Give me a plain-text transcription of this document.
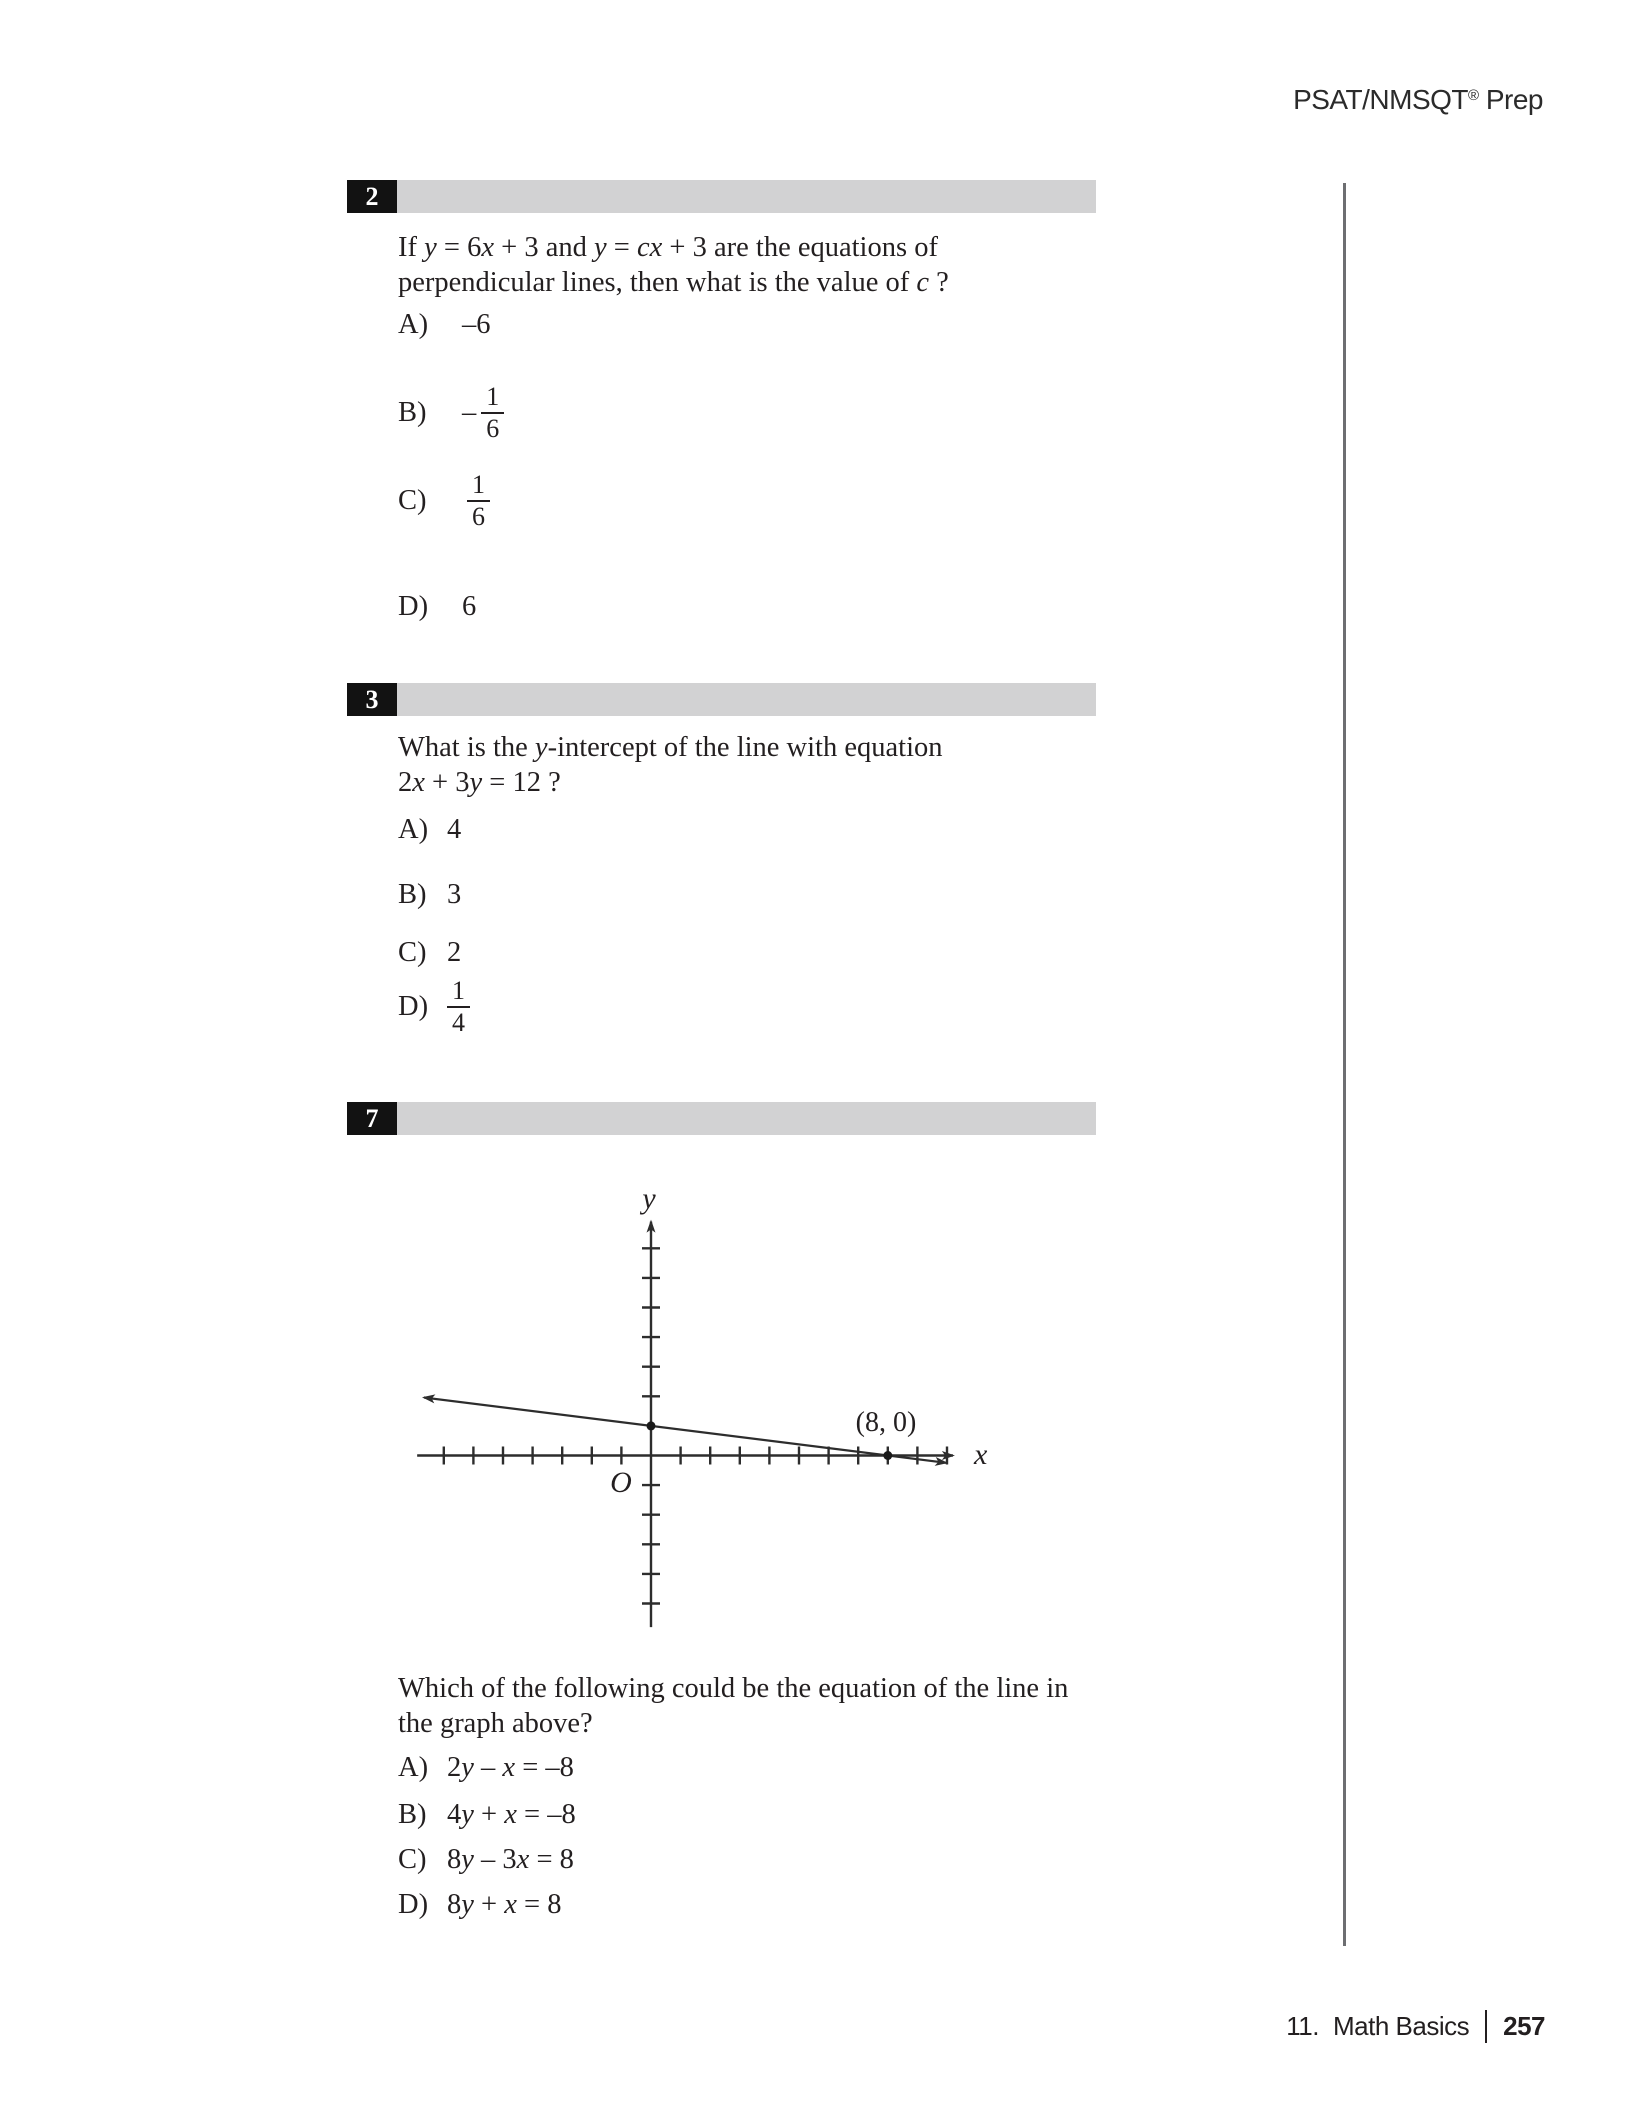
PSAT/NMSQT® Prep
2
If y = 6x + 3 and y = cx + 3 are the equations of
perpendicular lines, then what is the value of c ?
A)	–6
B)	– $\frac{1}{6}$
C)	$\frac{1}{6}$
D)	6
3
What is the y-intercept of the line with equation
2x + 3y = 12 ?
A) 4
B) 3
C) 2
$D) \frac{1}{4}$
7
y
x
O
(8, 0)
Which of the following could be the equation of the line in
the graph above?
A) 2y – x = –8
B) 4y + x = –8
C) 8y – 3x = 8
D) 8y + x = 8
11. Math Basics 257
